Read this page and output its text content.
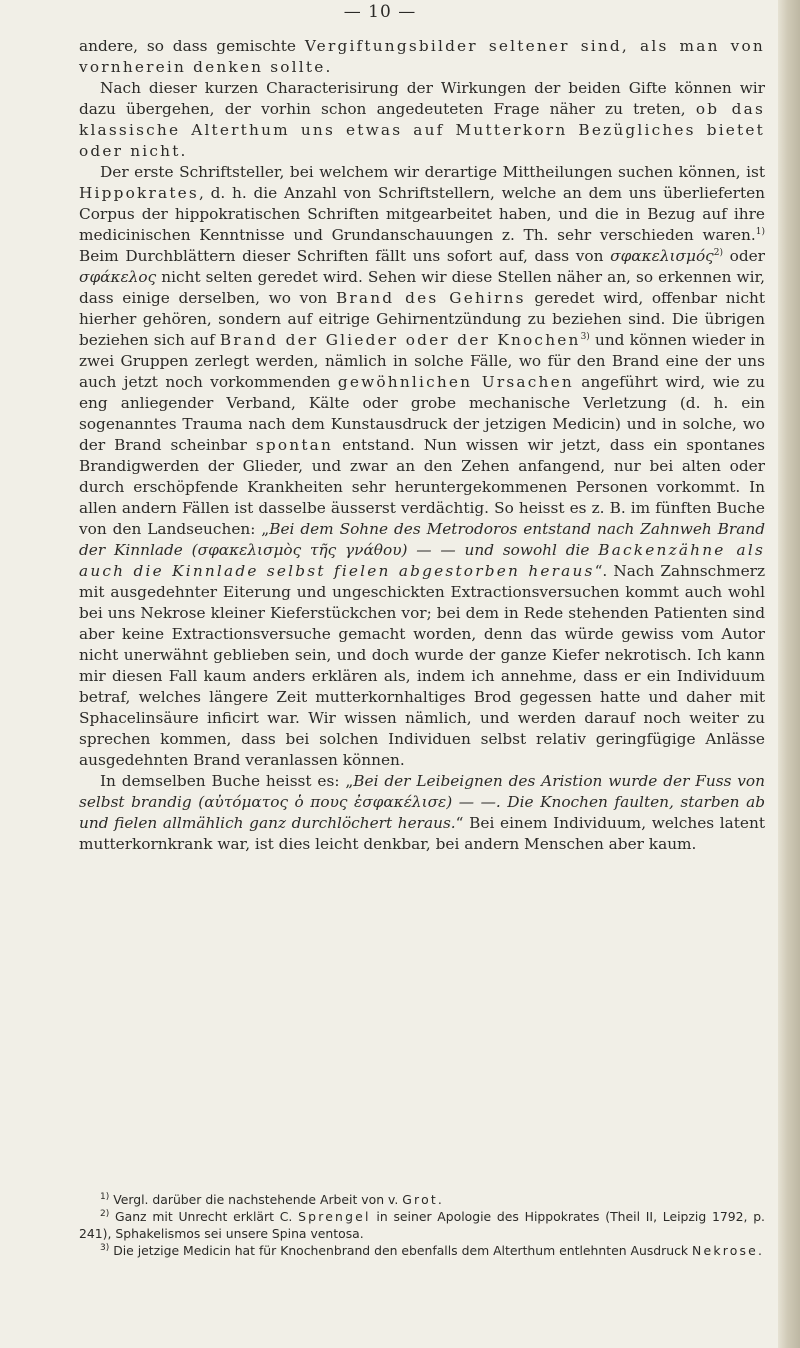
— 10 —

andere, so dass gemischte Vergiftungsbilder seltener sind, als man von vornherein denken sollte.

Nach dieser kurzen Characterisirung der Wirkungen der beiden Gifte können wir dazu übergehen, der vorhin schon angedeuteten Frage näher zu treten, ob das klassische Alterthum uns etwas auf Mutterkorn Bezügliches bietet oder nicht.

Der erste Schriftsteller, bei welchem wir derartige Mittheilungen suchen können, ist Hippokrates, d. h. die Anzahl von Schriftstellern, welche an dem uns überlieferten Corpus der hippokratischen Schriften mitgearbeitet haben, und die in Bezug auf ihre medicinischen Kenntnisse und Grundanschauungen z. Th. sehr verschieden waren.$^{1)}$ Beim Durchblättern dieser Schriften fällt uns sofort auf, dass von σφακελισμός$^{2)}$ oder σφάκελος nicht selten geredet wird. Sehen wir diese Stellen näher an, so erkennen wir, dass einige derselben, wo von Brand des Gehirns geredet wird, offenbar nicht hierher gehören, sondern auf eitrige Gehirnentzündung zu beziehen sind. Die übrigen beziehen sich auf Brand der Glieder oder der Knochen$^{3)}$ und können wieder in zwei Gruppen zerlegt werden, nämlich in solche Fälle, wo für den Brand eine der uns auch jetzt noch vorkommenden gewöhnlichen Ursachen angeführt wird, wie zu eng anliegender Verband, Kälte oder grobe mechanische Verletzung (d. h. ein sogenanntes Trauma nach dem Kunstausdruck der jetzigen Medicin) und in solche, wo der Brand scheinbar spontan entstand. Nun wissen wir jetzt, dass ein spontanes Brandigwerden der Glieder, und zwar an den Zehen anfangend, nur bei alten oder durch erschöpfende Krankheiten sehr heruntergekommenen Personen vorkommt. In allen andern Fällen ist dasselbe äusserst verdächtig. So heisst es z. B. im fünften Buche von den Landseuchen: „Bei dem Sohne des Metrodoros entstand nach Zahnweh Brand der Kinnlade (σφακελισμὸς τῆς γνάθου) — — und sowohl die Backenzähne als auch die Kinnlade selbst fielen abgestorben heraus“. Nach Zahnschmerz mit ausgedehnter Eiterung und ungeschickten Extractionsversuchen kommt auch wohl bei uns Nekrose kleiner Kieferstückchen vor; bei dem in Rede stehenden Patienten sind aber keine Extractionsversuche gemacht worden, denn das würde gewiss vom Autor nicht unerwähnt geblieben sein, und doch wurde der ganze Kiefer nekrotisch. Ich kann mir diesen Fall kaum anders erklären als, indem ich annehme, dass er ein Individuum betraf, welches längere Zeit mutterkornhaltiges Brod gegessen hatte und daher mit Sphacelinsäure inficirt war. Wir wissen nämlich, und werden darauf noch weiter zu sprechen kommen, dass bei solchen Individuen selbst relativ geringfügige Anlässe ausgedehnten Brand veranlassen können.

In demselben Buche heisst es: „Bei der Leibeignen des Aristion wurde der Fuss von selbst brandig (αὐτόματος ὁ πους ἐσφακέλισε) — —. Die Knochen faulten, starben ab und fielen allmählich ganz durchlöchert heraus.“ Bei einem Individuum, welches latent mutterkornkrank war, ist dies leicht denkbar, bei andern Menschen aber kaum.

$^{1)}$ Vergl. darüber die nachstehende Arbeit von v. Grot.

$^{2)}$ Ganz mit Unrecht erklärt C. Sprengel in seiner Apologie des Hippokrates (Theil II, Leipzig 1792, p. 241), Sphakelismos sei unsere Spina ventosa.

$^{3)}$ Die jetzige Medicin hat für Knochenbrand den ebenfalls dem Alterthum entlehnten Ausdruck Nekrose.
